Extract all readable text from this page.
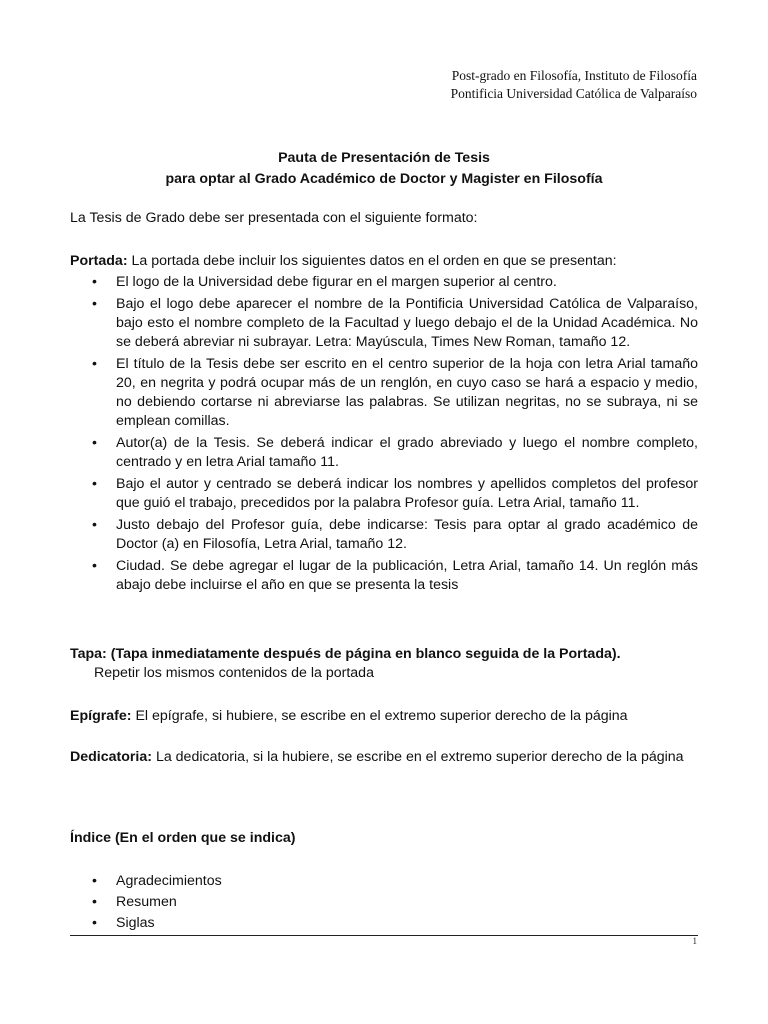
Post-grado en Filosofía, Instituto de Filosofía
Pontificia Universidad Católica de Valparaíso
Pauta de Presentación de Tesis
para optar al Grado Académico de Doctor y Magister en Filosofía
La Tesis de Grado debe ser presentada con el siguiente formato:
Portada: La portada debe incluir los siguientes datos en el orden en que se presentan:
• El logo de la Universidad debe figurar en el margen superior al centro.
• Bajo el logo debe aparecer el nombre de la Pontificia Universidad Católica de Valparaíso, bajo esto el nombre completo de la Facultad y luego debajo el de la Unidad Académica. No se deberá abreviar ni subrayar. Letra: Mayúscula, Times New Roman, tamaño 12.
• El título de la Tesis debe ser escrito en el centro superior de la hoja con letra Arial tamaño 20, en negrita y podrá ocupar más de un renglón, en cuyo caso se hará a espacio y medio, no debiendo cortarse ni abreviarse las palabras. Se utilizan negritas, no se subraya, ni se emplean comillas.
• Autor(a) de la Tesis. Se deberá indicar el grado abreviado y luego el nombre completo, centrado y en letra Arial tamaño 11.
• Bajo el autor y centrado se deberá indicar los nombres y apellidos completos del profesor que guió el trabajo, precedidos por la palabra Profesor guía. Letra Arial, tamaño 11.
• Justo debajo del Profesor guía, debe indicarse: Tesis para optar al grado académico de Doctor (a) en Filosofía, Letra Arial, tamaño 12.
• Ciudad. Se debe agregar el lugar de la publicación, Letra Arial, tamaño 14. Un reglón más abajo debe incluirse el año en que se presenta la tesis
Tapa: (Tapa inmediatamente después de página en blanco seguida de la Portada).
Repetir los mismos contenidos de la portada
Epígrafe: El epígrafe, si hubiere, se escribe en el extremo superior derecho de la página
Dedicatoria: La dedicatoria, si la hubiere, se escribe en el extremo superior derecho de la página
Índice (En el orden que se indica)
• Agradecimientos
• Resumen
• Siglas
1
